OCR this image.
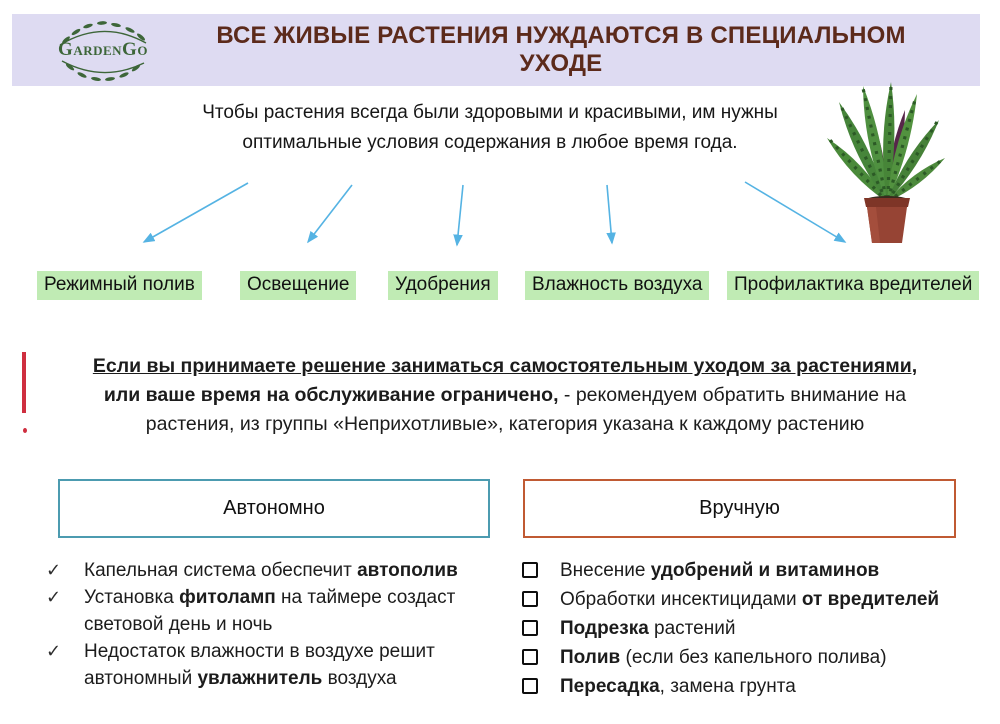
GardenGo
ВСЕ ЖИВЫЕ РАСТЕНИЯ НУЖДАЮТСЯ В СПЕЦИАЛЬНОМ УХОДЕ
Чтобы растения всегда были здоровыми и красивыми, им нужны
оптимальные условия содержания в любое время года.
Режимный полив	Освещение	Удобрения	Влажность воздуха	Профилактика вредителей
Если вы принимаете решение заниматься самостоятельным уходом за растениями,
или ваше время на обслуживание ограничено, - рекомендуем обратить внимание на
растения, из группы «Неприхотливые», категория указана к каждому растению
Автономно	Вручную
✓	Капельная система обеспечит автополив
✓	Установка фитоламп на таймере создаст световой день и ночь
✓	Недостаток влажности в воздухе решит автономный увлажнитель воздуха
Внесение удобрений и витаминов
Обработки инсектицидами от вредителей
Подрезка растений
Полив (если без капельного полива)
Пересадка, замена грунта
